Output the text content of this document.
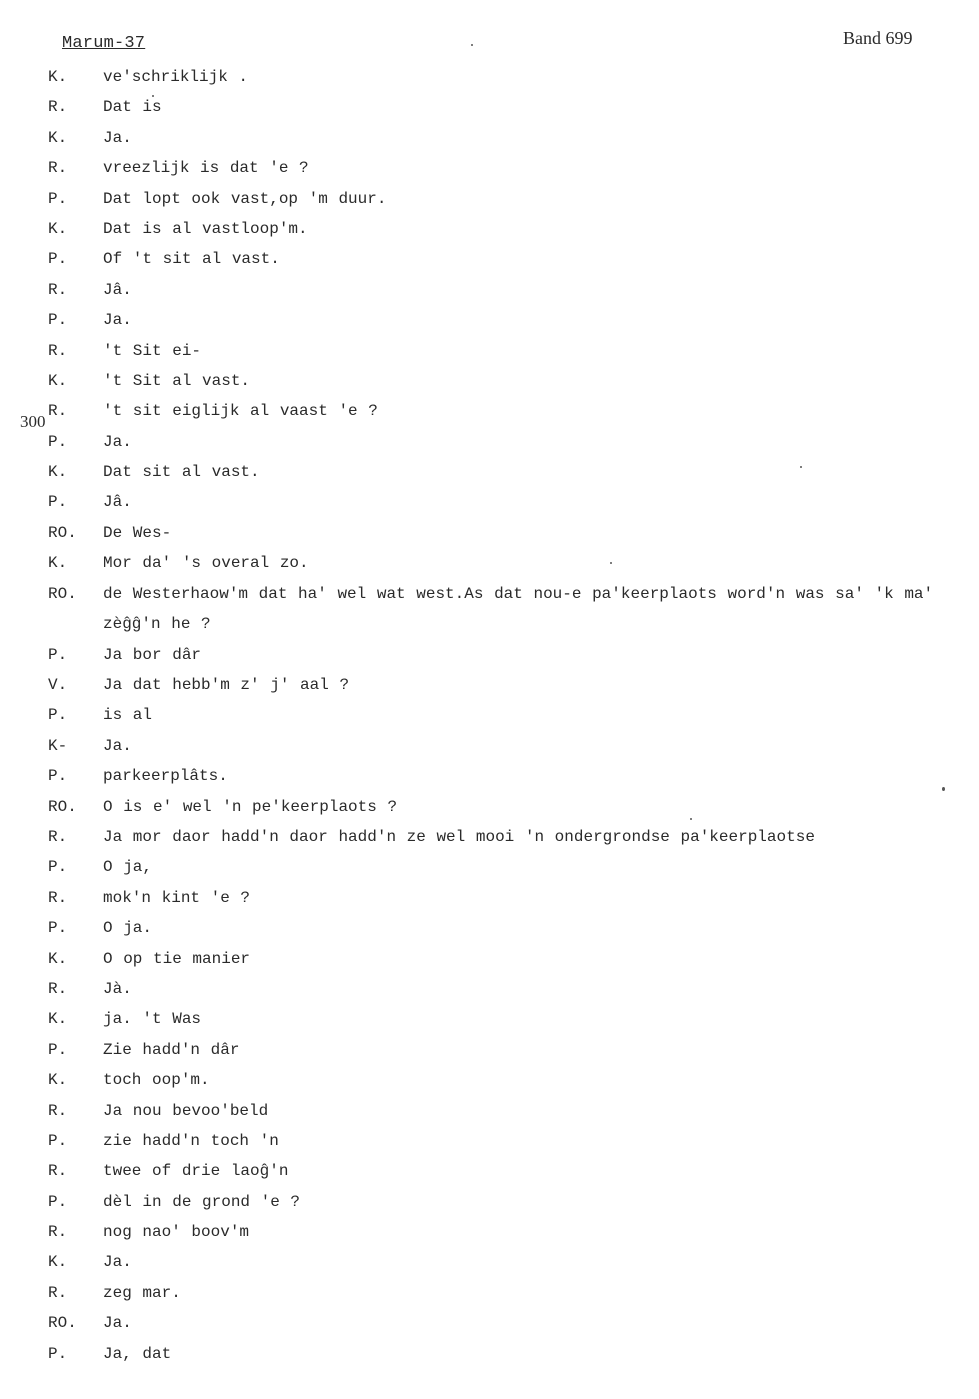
Marum-37	Band 699
300
K.	ve'schriklijk .
R.	Dat is
K.	Ja.
R.	vreezlijk is dat 'e ?
P.	Dat lopt ook vast,op 'm duur.
K.	Dat is al vastloop'm.
P.	Of 't sit al vast.
R.	Jâ.
P.	Ja.
R.	't Sit ei-
K.	't Sit al vast.
R.	't sit eiglijk al vaast 'e ?
P.	Ja.
K.	Dat sit al vast.
P.	Jâ.
RO.	De Wes-
K.	Mor da' 's overal zo.
RO.	de Westerhaow'm dat ha' wel wat west.As dat nou-e pa'keerplaots word'n was sa' 'k ma' zèĝĝ'n he ?
P.	Ja bor dâr
V.	Ja dat hebb'm z' j' aal ?
P.	is al
K-	Ja.
P.	parkeerplâts.
RO.	O is e' wel 'n pe'keerplaots ?
R.	Ja mor daor hadd'n daor hadd'n ze wel mooi 'n ondergrondse pa'keerplaotse
P.	O ja,
R.	mok'n kint 'e ?
P.	O ja.
K.	O op tie manier
R.	Jà.
K.	ja. 't Was
P.	Zie hadd'n dâr
K.	toch oop'm.
R.	Ja nou bevoo'beld
P.	zie hadd'n toch 'n
R.	twee of drie laoĝ'n
P.	dèl in de grond 'e ?
R.	nog nao' boov'm
K.	Ja.
R.	zeg mar.
RO.	Ja.
P.	Ja, dat
